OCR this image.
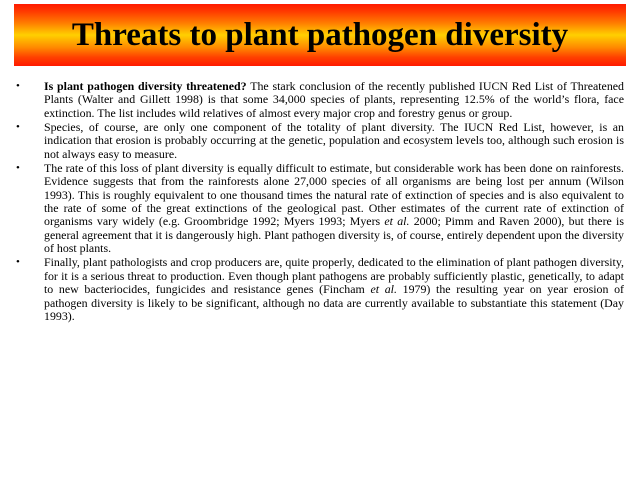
Threats to plant pathogen diversity
• Is plant pathogen diversity threatened? The stark conclusion of the recently published IUCN Red List of Threatened Plants (Walter and Gillett 1998) is that some 34,000 species of plants, representing 12.5% of the world’s flora, face extinction. The list includes wild relatives of almost every major crop and forestry genus or group.
• Species, of course, are only one component of the totality of plant diversity. The IUCN Red List, however, is an indication that erosion is probably occurring at the genetic, population and ecosystem levels too, although such erosion is not always easy to measure.
• The rate of this loss of plant diversity is equally difficult to estimate, but considerable work has been done on rainforests. Evidence suggests that from the rainforests alone 27,000 species of all organisms are being lost per annum (Wilson 1993). This is roughly equivalent to one thousand times the natural rate of extinction of species and is also equivalent to the rate of some of the great extinctions of the geological past. Other estimates of the current rate of extinction of organisms vary widely (e.g. Groombridge 1992; Myers 1993; Myers et al. 2000; Pimm and Raven 2000), but there is general agreement that it is dangerously high. Plant pathogen diversity is, of course, entirely dependent upon the diversity of host plants.
• Finally, plant pathologists and crop producers are, quite properly, dedicated to the elimination of plant pathogen diversity, for it is a serious threat to production. Even though plant pathogens are probably sufficiently plastic, genetically, to adapt to new bacteriocides, fungicides and resistance genes (Fincham et al. 1979) the resulting year on year erosion of pathogen diversity is likely to be significant, although no data are currently available to substantiate this statement (Day 1993).
